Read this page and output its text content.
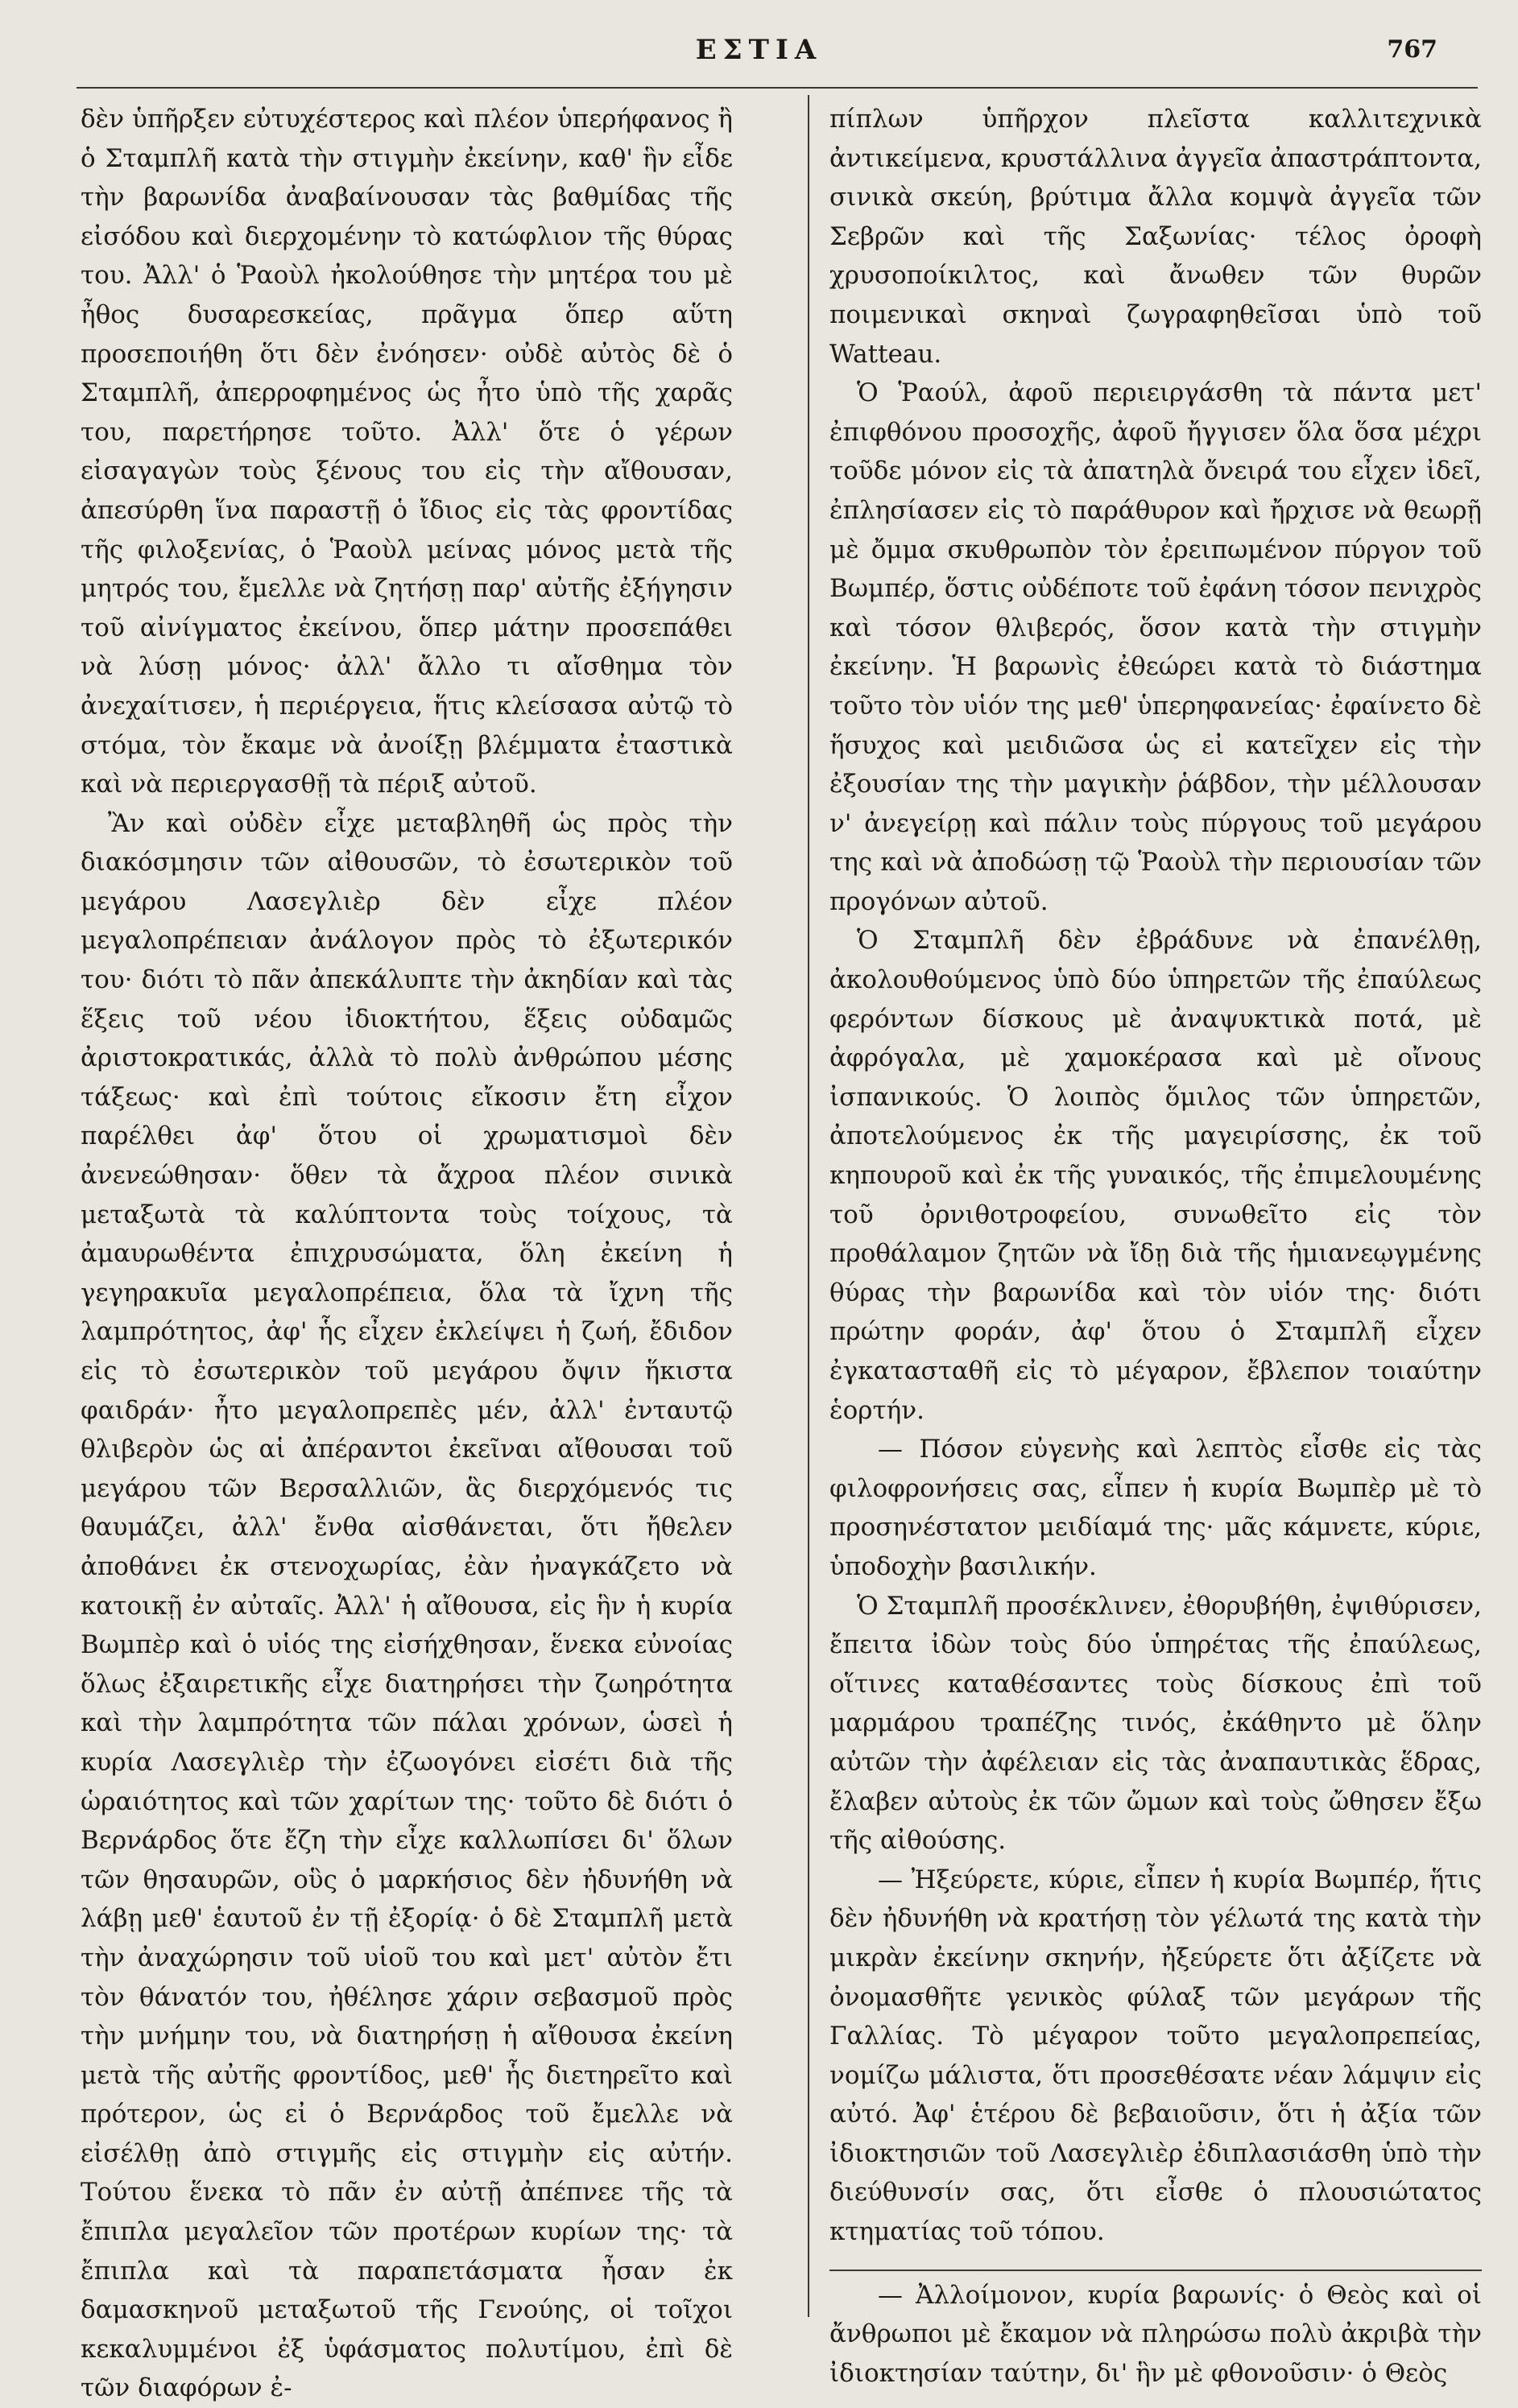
ΕΣΤΙΑ	767

δὲν ὑπῆρξεν εὐτυχέστερος καὶ πλέον ὑπερήφανος ἢ ὁ Σταμπλῆ κατὰ τὴν στιγμὴν ἐκείνην, καθ' ἣν εἶδε τὴν βαρωνίδα ἀναβαίνουσαν τὰς βαθμίδας τῆς εἰσόδου καὶ διερχομένην τὸ κατώφλιον τῆς θύρας του. Ἀλλ' ὁ Ῥαοὺλ ἠκολούθησε τὴν μητέρα του μὲ ἦθος δυσαρεσκείας, πρᾶγμα ὅπερ αὕτη προσεποιήθη ὅτι δὲν ἐνόησεν· οὐδὲ αὐτὸς δὲ ὁ Σταμπλῆ, ἀπερροφημένος ὡς ἦτο ὑπὸ τῆς χαρᾶς του, παρετήρησε τοῦτο. Ἀλλ' ὅτε ὁ γέρων εἰσαγαγὼν τοὺς ξένους του εἰς τὴν αἴθουσαν, ἀπεσύρθη ἵνα παραστῇ ὁ ἴδιος εἰς τὰς φροντίδας τῆς φιλοξενίας, ὁ Ῥαοὺλ μείνας μόνος μετὰ τῆς μητρός του, ἔμελλε νὰ ζητήσῃ παρ' αὐτῆς ἐξήγησιν τοῦ αἰνίγματος ἐκείνου, ὅπερ μάτην προσεπάθει νὰ λύσῃ μόνος· ἀλλ' ἄλλο τι αἴσθημα τὸν ἀνεχαίτισεν, ἡ περιέργεια, ἥτις κλείσασα αὐτῷ τὸ στόμα, τὸν ἔκαμε νὰ ἀνοίξῃ βλέμματα ἐταστικὰ καὶ νὰ περιεργασθῇ τὰ πέριξ αὐτοῦ.

Ἂν καὶ οὐδὲν εἶχε μεταβληθῆ ὡς πρὸς τὴν διακόσμησιν τῶν αἰθουσῶν, τὸ ἐσωτερικὸν τοῦ μεγάρου Λασεγλιὲρ δὲν εἶχε πλέον μεγαλοπρέπειαν ἀνάλογον πρὸς τὸ ἐξωτερικόν του· διότι τὸ πᾶν ἀπεκάλυπτε τὴν ἀκηδίαν καὶ τὰς ἕξεις τοῦ νέου ἰδιοκτήτου, ἕξεις οὐδαμῶς ἀριστοκρατικάς, ἀλλὰ τὸ πολὺ ἀνθρώπου μέσης τάξεως· καὶ ἐπὶ τούτοις εἴκοσιν ἔτη εἶχον παρέλθει ἀφ' ὅτου οἱ χρωματισμοὶ δὲν ἀνενεώθησαν· ὅθεν τὰ ἄχροα πλέον σινικὰ μεταξωτὰ τὰ καλύπτοντα τοὺς τοίχους, τὰ ἀμαυρωθέντα ἐπιχρυσώματα, ὅλη ἐκείνη ἡ γεγηρακυῖα μεγαλοπρέπεια, ὅλα τὰ ἴχνη τῆς λαμπρότητος, ἀφ' ἧς εἶχεν ἐκλείψει ἡ ζωή, ἔδιδον εἰς τὸ ἐσωτερικὸν τοῦ μεγάρου ὄψιν ἥκιστα φαιδράν· ἦτο μεγαλοπρεπὲς μέν, ἀλλ' ἐνταυτῷ θλιβερὸν ὡς αἱ ἀπέραντοι ἐκεῖναι αἴθουσαι τοῦ μεγάρου τῶν Βερσαλλιῶν, ἃς διερχόμενός τις θαυμάζει, ἀλλ' ἔνθα αἰσθάνεται, ὅτι ἤθελεν ἀποθάνει ἐκ στενοχωρίας, ἐὰν ἠναγκάζετο νὰ κατοικῇ ἐν αὐταῖς. Ἀλλ' ἡ αἴθουσα, εἰς ἣν ἡ κυρία Βωμπὲρ καὶ ὁ υἱός της εἰσήχθησαν, ἕνεκα εὐνοίας ὅλως ἐξαιρετικῆς εἶχε διατηρήσει τὴν ζωηρότητα καὶ τὴν λαμπρότητα τῶν πάλαι χρόνων, ὡσεὶ ἡ κυρία Λασεγλιὲρ τὴν ἐζωογόνει εἰσέτι διὰ τῆς ὡραιότητος καὶ τῶν χαρίτων της· τοῦτο δὲ διότι ὁ Βερνάρδος ὅτε ἔζη τὴν εἶχε καλλωπίσει δι' ὅλων τῶν θησαυρῶν, οὓς ὁ μαρκήσιος δὲν ἠδυνήθη νὰ λάβῃ μεθ' ἑαυτοῦ ἐν τῇ ἐξορίᾳ· ὁ δὲ Σταμπλῆ μετὰ τὴν ἀναχώρησιν τοῦ υἱοῦ του καὶ μετ' αὐτὸν ἔτι τὸν θάνατόν του, ἠθέλησε χάριν σεβασμοῦ πρὸς τὴν μνήμην του, νὰ διατηρήσῃ ἡ αἴθουσα ἐκείνη μετὰ τῆς αὐτῆς φροντίδος, μεθ' ἧς διετηρεῖτο καὶ πρότερον, ὡς εἰ ὁ Βερνάρδος τοῦ ἔμελλε νὰ εἰσέλθῃ ἀπὸ στιγμῆς εἰς στιγμὴν εἰς αὐτήν. Τούτου ἕνεκα τὸ πᾶν ἐν αὐτῇ ἀπέπνεε τῆς τὰ ἔπιπλα μεγαλεῖον τῶν προτέρων κυρίων της· τὰ ἔπιπλα καὶ τὰ παραπετάσματα ἦσαν ἐκ δαμασκηνοῦ μεταξωτοῦ τῆς Γενούης, οἱ τοῖχοι κεκαλυμμένοι ἐξ ὑφάσματος πολυτίμου, ἐπὶ δὲ τῶν διαφόρων ἐ-

πίπλων ὑπῆρχον πλεῖστα καλλιτεχνικὰ ἀντικείμενα, κρυστάλλινα ἀγγεῖα ἀπαστράπτοντα, σινικὰ σκεύη, βρύτιμα ἄλλα κομψὰ ἀγγεῖα τῶν Σεβρῶν καὶ τῆς Σαξωνίας· τέλος ὀροφὴ χρυσοποίκιλτος, καὶ ἄνωθεν τῶν θυρῶν ποιμενικαὶ σκηναὶ ζωγραφηθεῖσαι ὑπὸ τοῦ Watteau.

Ὁ Ῥαούλ, ἀφοῦ περιειργάσθη τὰ πάντα μετ' ἐπιφθόνου προσοχῆς, ἀφοῦ ἤγγισεν ὅλα ὅσα μέχρι τοῦδε μόνον εἰς τὰ ἀπατηλὰ ὄνειρά του εἶχεν ἰδεῖ, ἐπλησίασεν εἰς τὸ παράθυρον καὶ ἤρχισε νὰ θεωρῇ μὲ ὄμμα σκυθρωπὸν τὸν ἐρειπωμένον πύργον τοῦ Βωμπέρ, ὅστις οὐδέποτε τοῦ ἐφάνη τόσον πενιχρὸς καὶ τόσον θλιβερός, ὅσον κατὰ τὴν στιγμὴν ἐκείνην. Ἡ βαρωνὶς ἐθεώρει κατὰ τὸ διάστημα τοῦτο τὸν υἱόν της μεθ' ὑπερηφανείας· ἐφαίνετο δὲ ἥσυχος καὶ μειδιῶσα ὡς εἰ κατεῖχεν εἰς τὴν ἐξουσίαν της τὴν μαγικὴν ῥάβδον, τὴν μέλλουσαν ν' ἀνεγείρῃ καὶ πάλιν τοὺς πύργους τοῦ μεγάρου της καὶ νὰ ἀποδώσῃ τῷ Ῥαοὺλ τὴν περιουσίαν τῶν προγόνων αὐτοῦ.

Ὁ Σταμπλῆ δὲν ἐβράδυνε νὰ ἐπανέλθῃ, ἀκολουθούμενος ὑπὸ δύο ὑπηρετῶν τῆς ἐπαύλεως φερόντων δίσκους μὲ ἀναψυκτικὰ ποτά, μὲ ἀφρόγαλα, μὲ χαμοκέρασα καὶ μὲ οἴνους ἰσπανικούς. Ὁ λοιπὸς ὅμιλος τῶν ὑπηρετῶν, ἀποτελούμενος ἐκ τῆς μαγειρίσσης, ἐκ τοῦ κηπουροῦ καὶ ἐκ τῆς γυναικός, τῆς ἐπιμελουμένης τοῦ ὀρνιθοτροφείου, συνωθεῖτο εἰς τὸν προθάλαμον ζητῶν νὰ ἴδῃ διὰ τῆς ἡμιανεῳγμένης θύρας τὴν βαρωνίδα καὶ τὸν υἱόν της· διότι πρώτην φοράν, ἀφ' ὅτου ὁ Σταμπλῆ εἶχεν ἐγκατασταθῆ εἰς τὸ μέγαρον, ἔβλεπον τοιαύτην ἑορτήν.

— Πόσον εὐγενὴς καὶ λεπτὸς εἶσθε εἰς τὰς φιλοφρονήσεις σας, εἶπεν ἡ κυρία Βωμπὲρ μὲ τὸ προσηνέστατον μειδίαμά της· μᾶς κάμνετε, κύριε, ὑποδοχὴν βασιλικήν.

Ὁ Σταμπλῆ προσέκλινεν, ἐθορυβήθη, ἐψιθύρισεν, ἔπειτα ἰδὼν τοὺς δύο ὑπηρέτας τῆς ἐπαύλεως, οἵτινες καταθέσαντες τοὺς δίσκους ἐπὶ τοῦ μαρμάρου τραπέζης τινός, ἐκάθηντο μὲ ὅλην αὐτῶν τὴν ἀφέλειαν εἰς τὰς ἀναπαυτικὰς ἕδρας, ἔλαβεν αὐτοὺς ἐκ τῶν ὤμων καὶ τοὺς ὤθησεν ἔξω τῆς αἰθούσης.

— Ἠξεύρετε, κύριε, εἶπεν ἡ κυρία Βωμπέρ, ἥτις δὲν ἠδυνήθη νὰ κρατήσῃ τὸν γέλωτά της κατὰ τὴν μικρὰν ἐκείνην σκηνήν, ἠξεύρετε ὅτι ἀξίζετε νὰ ὀνομασθῆτε γενικὸς φύλαξ τῶν μεγάρων τῆς Γαλλίας. Τὸ μέγαρον τοῦτο μεγαλοπρεπείας, νομίζω μάλιστα, ὅτι προσεθέσατε νέαν λάμψιν εἰς αὐτό. Ἀφ' ἑτέρου δὲ βεβαιοῦσιν, ὅτι ἡ ἀξία τῶν ἰδιοκτησιῶν τοῦ Λασεγλιὲρ ἐδιπλασιάσθη ὑπὸ τὴν διεύθυνσίν σας, ὅτι εἶσθε ὁ πλουσιώτατος κτηματίας τοῦ τόπου.

— Ἀλλοίμονον, κυρία βαρωνίς· ὁ Θεὸς καὶ οἱ ἄνθρωποι μὲ ἔκαμον νὰ πληρώσω πολὺ ἀκριβὰ τὴν ἰδιοκτησίαν ταύτην, δι' ἣν μὲ φθονοῦσιν· ὁ Θεὸς
